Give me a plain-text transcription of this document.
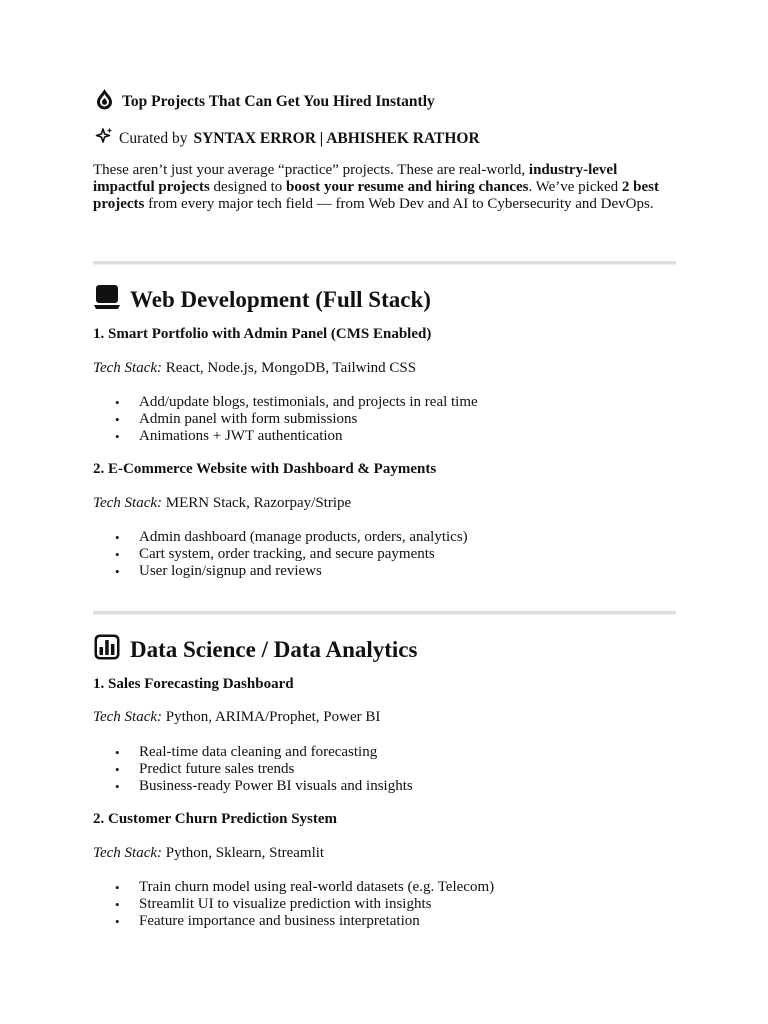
Top Projects That Can Get You Hired Instantly
Curated by SYNTAX ERROR | ABHISHEK RATHOR
These aren’t just your average “practice” projects. These are real-world, industry-level impactful projects designed to boost your resume and hiring chances. We’ve picked 2 best projects from every major tech field — from Web Dev and AI to Cybersecurity and DevOps.
Web Development (Full Stack)
1. Smart Portfolio with Admin Panel (CMS Enabled)
Tech Stack: React, Node.js, MongoDB, Tailwind CSS
• Add/update blogs, testimonials, and projects in real time
• Admin panel with form submissions
• Animations + JWT authentication
2. E-Commerce Website with Dashboard & Payments
Tech Stack: MERN Stack, Razorpay/Stripe
• Admin dashboard (manage products, orders, analytics)
• Cart system, order tracking, and secure payments
• User login/signup and reviews
Data Science / Data Analytics
1. Sales Forecasting Dashboard
Tech Stack: Python, ARIMA/Prophet, Power BI
• Real-time data cleaning and forecasting
• Predict future sales trends
• Business-ready Power BI visuals and insights
2. Customer Churn Prediction System
Tech Stack: Python, Sklearn, Streamlit
• Train churn model using real-world datasets (e.g. Telecom)
• Streamlit UI to visualize prediction with insights
• Feature importance and business interpretation
